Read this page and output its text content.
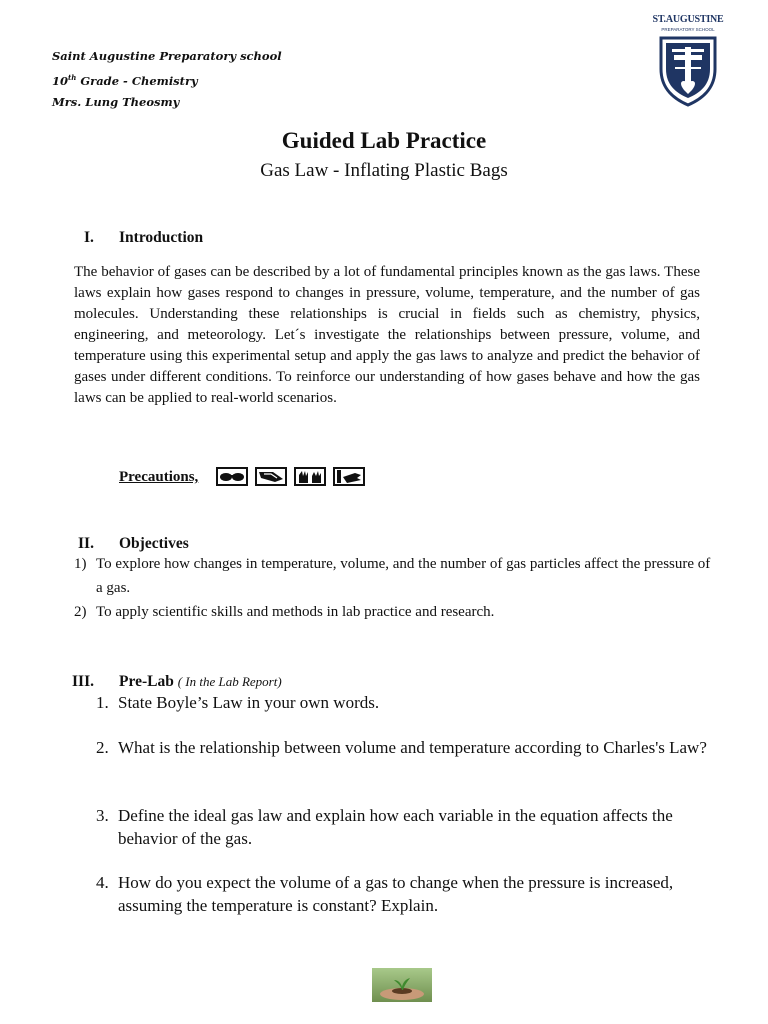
Saint Augustine Preparatory school
10th Grade - Chemistry
Mrs. Lung Theosmy
ST.AUGUSTINE
PREPARATORY SCHOOL
Guided Lab Practice
Gas Law - Inflating Plastic Bags
I. Introduction

The behavior of gases can be described by a lot of fundamental principles known as the gas laws. These laws explain how gases respond to changes in pressure, volume, temperature, and the number of gas molecules. Understanding these relationships is crucial in fields such as chemistry, physics, engineering, and meteorology. Let´s investigate the relationships between pressure, volume, and temperature using this experimental setup and apply the gas laws to analyze and predict the behavior of gases under different conditions. To reinforce our understanding of how gases behave and how the gas laws can be applied to real-world scenarios.

Precautions,
II. Objectives
1) To explore how changes in temperature, volume, and the number of gas particles affect the pressure of a gas.
2) To apply scientific skills and methods in lab practice and research.
III. Pre-Lab ( In the Lab Report)
1. State Boyle’s Law in your own words.
2. What is the relationship between volume and temperature according to Charles's Law?
3. Define the ideal gas law and explain how each variable in the equation affects the behavior of the gas.
4. How do you expect the volume of a gas to change when the pressure is increased, assuming the temperature is constant? Explain.
